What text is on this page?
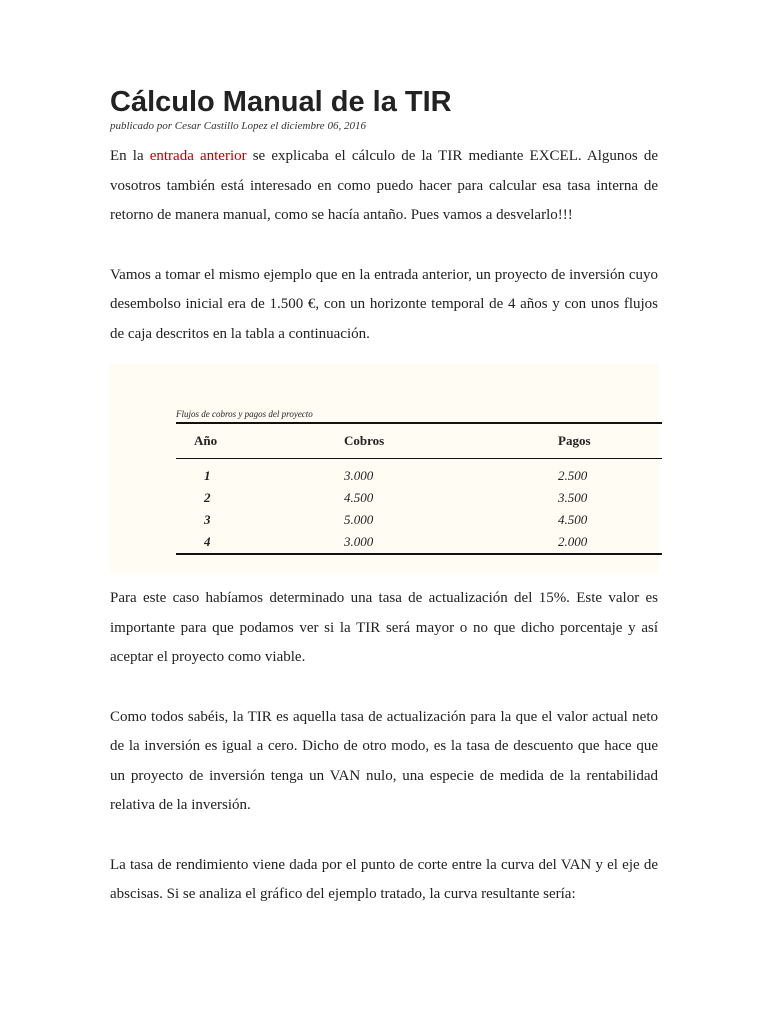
Cálculo Manual de la TIR
publicado por Cesar Castillo Lopez el diciembre 06, 2016

En la entrada anterior se explicaba el cálculo de la TIR mediante EXCEL. Algunos de vosotros también está interesado en como puedo hacer para calcular esa tasa interna de retorno de manera manual, como se hacía antaño. Pues vamos a desvelarlo!!!

Vamos a tomar el mismo ejemplo que en la entrada anterior, un proyecto de inversión cuyo desembolso inicial era de 1.500 €, con un horizonte temporal de 4 años y con unos flujos de caja descritos en la tabla a continuación.

Flujos de cobros y pagos del proyecto
Año	Cobros	Pagos
1	3.000	2.500
2	4.500	3.500
3	5.000	4.500
4	3.000	2.000

Para este caso habíamos determinado una tasa de actualización del 15%. Este valor es importante para que podamos ver si la TIR será mayor o no que dicho porcentaje y así aceptar el proyecto como viable.

Como todos sabéis, la TIR es aquella tasa de actualización para la que el valor actual neto de la inversión es igual a cero. Dicho de otro modo, es la tasa de descuento que hace que un proyecto de inversión tenga un VAN nulo, una especie de medida de la rentabilidad relativa de la inversión.

La tasa de rendimiento viene dada por el punto de corte entre la curva del VAN y el eje de abscisas. Si se analiza el gráfico del ejemplo tratado, la curva resultante sería:
